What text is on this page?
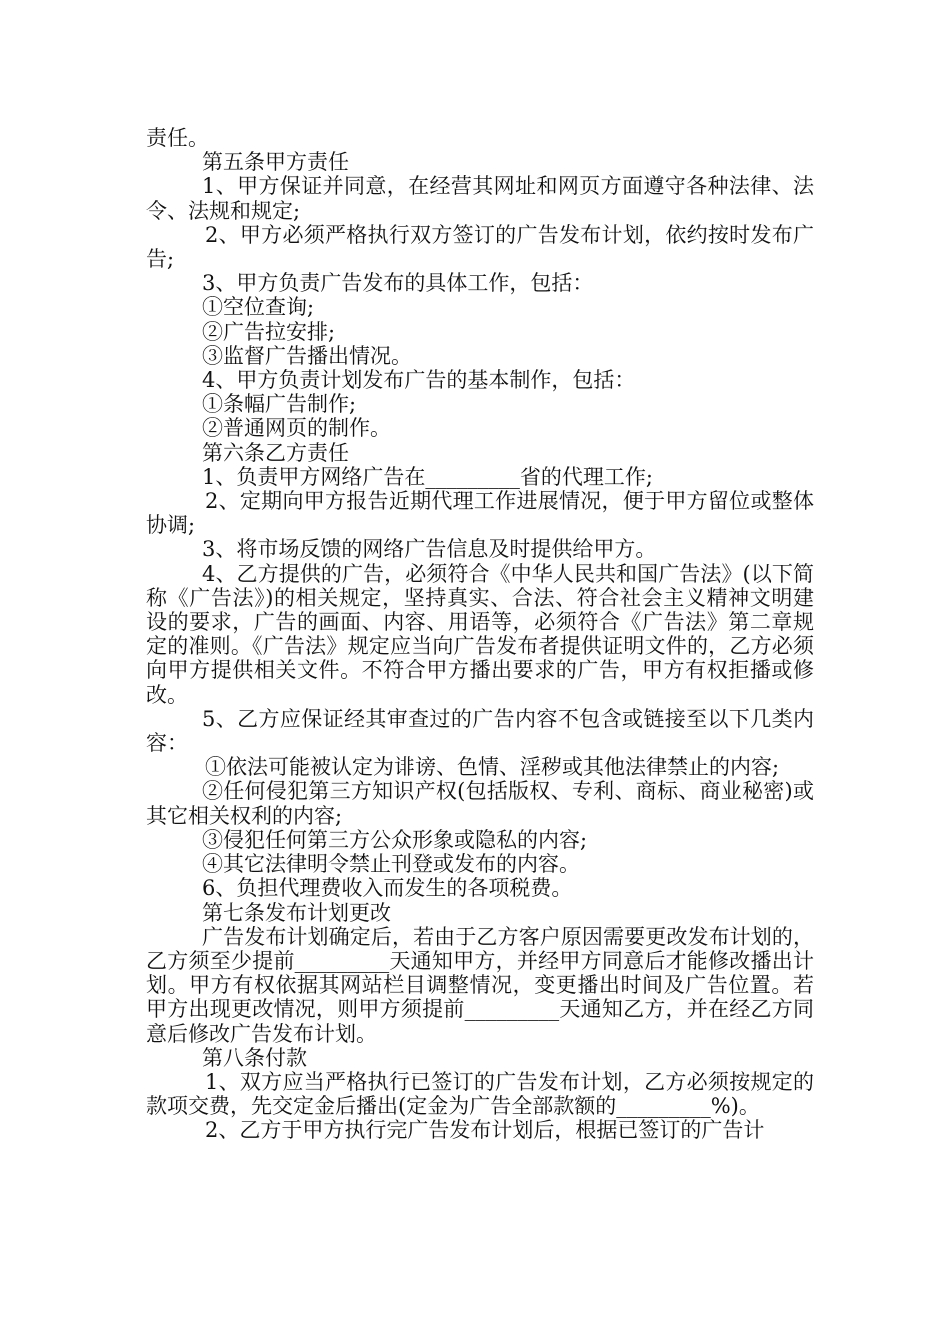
责任。

第五条甲方责任

1、甲方保证并同意，在经营其网址和网页方面遵守各种法律、法令、法规和规定;

2、甲方必须严格执行双方签订的广告发布计划，依约按时发布广告;

3、甲方负责广告发布的具体工作，包括：

①空位查询;

②广告拉安排;

③监督广告播出情况。

4、甲方负责计划发布广告的基本制作，包括：

①条幅广告制作;

②普通网页的制作。

第六条乙方责任

1、负责甲方网络广告在_________省的代理工作;

2、定期向甲方报告近期代理工作进展情况，便于甲方留位或整体协调;

3、将市场反馈的网络广告信息及时提供给甲方。

4、乙方提供的广告，必须符合《中华人民共和国广告法》(以下简称《广告法》)的相关规定，坚持真实、合法、符合社会主义精神文明建设的要求，广告的画面、内容、用语等，必须符合《广告法》第二章规定的准则。《广告法》规定应当向广告发布者提供证明文件的，乙方必须向甲方提供相关文件。不符合甲方播出要求的广告，甲方有权拒播或修改。

5、乙方应保证经其审查过的广告内容不包含或链接至以下几类内容：

①依法可能被认定为诽谤、色情、淫秽或其他法律禁止的内容;

②任何侵犯第三方知识产权(包括版权、专利、商标、商业秘密)或其它相关权利的内容;

③侵犯任何第三方公众形象或隐私的内容;

④其它法律明令禁止刊登或发布的内容。

6、负担代理费收入而发生的各项税费。

第七条发布计划更改

广告发布计划确定后，若由于乙方客户原因需要更改发布计划的，乙方须至少提前_________天通知甲方，并经甲方同意后才能修改播出计划。甲方有权依据其网站栏目调整情况，变更播出时间及广告位置。若甲方出现更改情况，则甲方须提前_________天通知乙方，并在经乙方同意后修改广告发布计划。

第八条付款

1、双方应当严格执行已签订的广告发布计划，乙方必须按规定的款项交费，先交定金后播出(定金为广告全部款额的_________%)。

2、乙方于甲方执行完广告发布计划后，根据已签订的广告计
